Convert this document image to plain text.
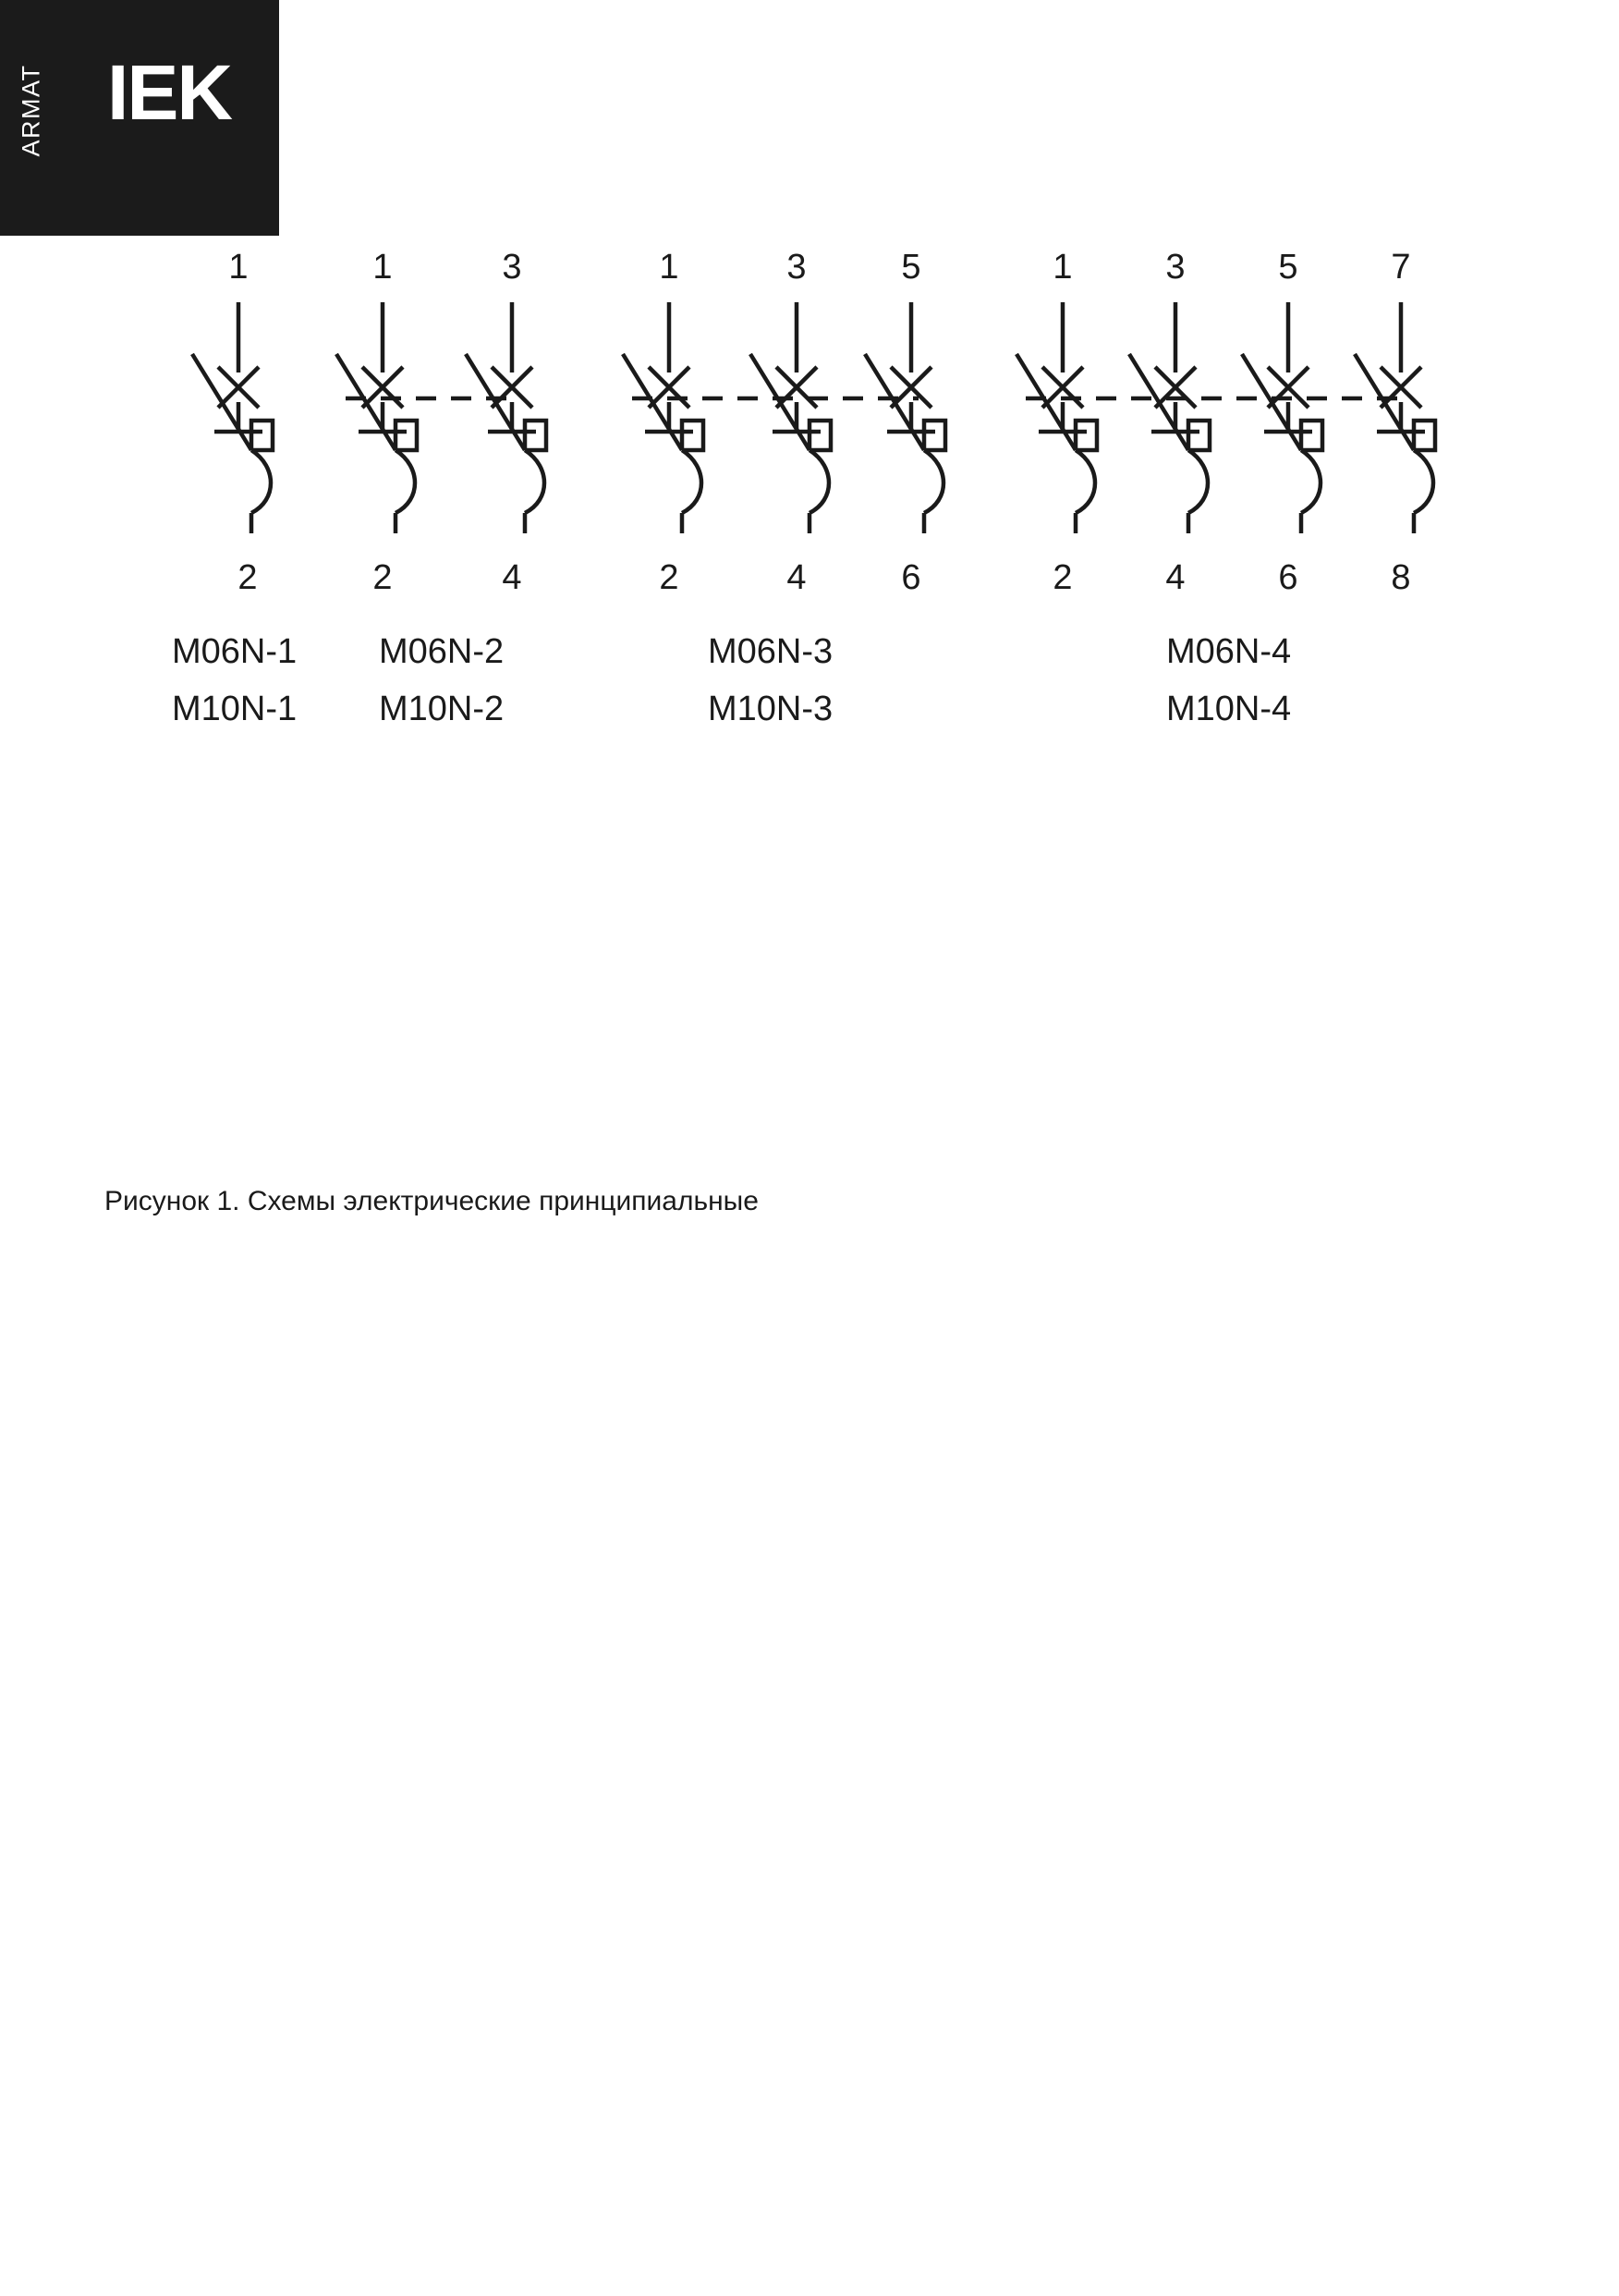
ARMAT IEK
1	1	3	1	3	5	1	3	5	7
2	2	4	2	4	6	2	4	6	8
M06N-1
M10N-1
M06N-2
M10N-2
M06N-3
M10N-3
M06N-4
M10N-4
Рисунок 1. Схемы электрические принципиальные
